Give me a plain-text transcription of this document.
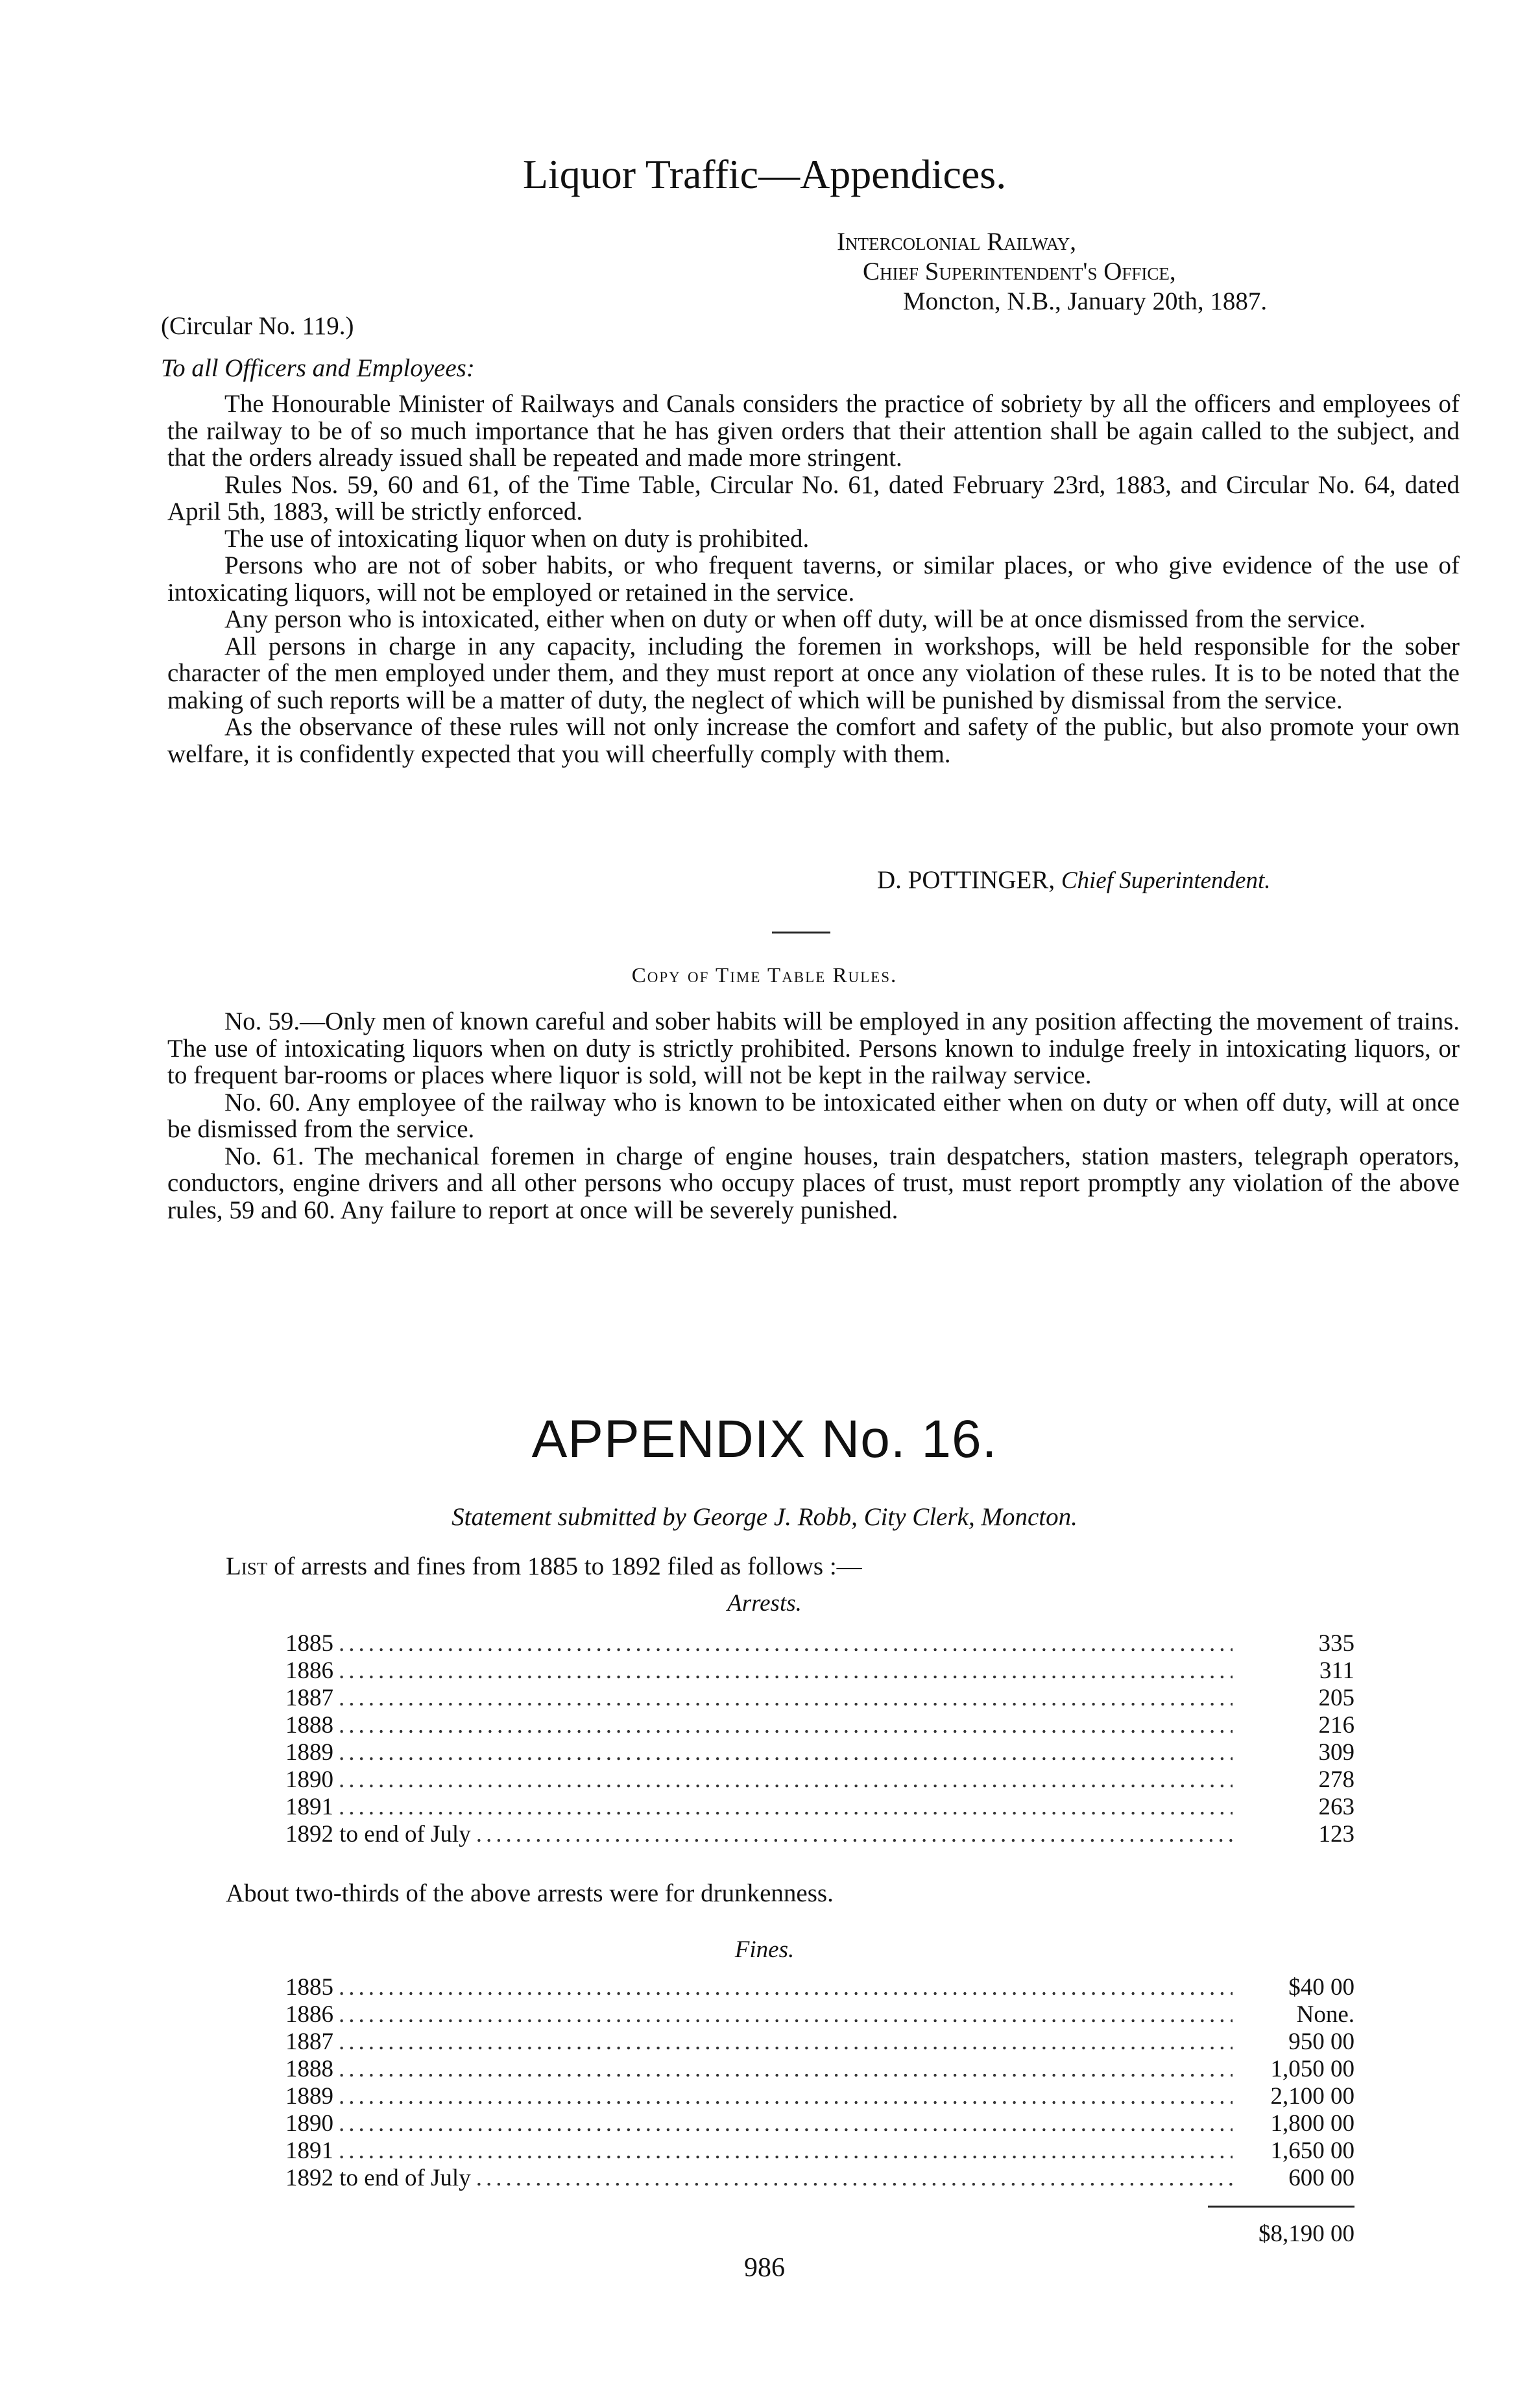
Liquor Traffic—Appendices.
Intercolonial Railway,
Chief Superintendent's Office,
Moncton, N.B., January 20th, 1887.
(Circular No. 119.)
To all Officers and Employees:

The Honourable Minister of Railways and Canals considers the practice of sobriety by all the officers and employees of the railway to be of so much importance that he has given orders that their attention shall be again called to the subject, and that the orders already issued shall be repeated and made more stringent.

Rules Nos. 59, 60 and 61, of the Time Table, Circular No. 61, dated February 23rd, 1883, and Circular No. 64, dated April 5th, 1883, will be strictly enforced.

The use of intoxicating liquor when on duty is prohibited.

Persons who are not of sober habits, or who frequent taverns, or similar places, or who give evidence of the use of intoxicating liquors, will not be employed or retained in the service.

Any person who is intoxicated, either when on duty or when off duty, will be at once dismissed from the service.

All persons in charge in any capacity, including the foremen in workshops, will be held responsible for the sober character of the men employed under them, and they must report at once any violation of these rules. It is to be noted that the making of such reports will be a matter of duty, the neglect of which will be punished by dismissal from the service.

As the observance of these rules will not only increase the comfort and safety of the public, but also promote your own welfare, it is confidently expected that you will cheerfully comply with them.

D. POTTINGER, Chief Superintendent.
Copy of Time Table Rules.

No. 59.—Only men of known careful and sober habits will be employed in any position affecting the movement of trains. The use of intoxicating liquors when on duty is strictly prohibited. Persons known to indulge freely in intoxicating liquors, or to frequent bar-rooms or places where liquor is sold, will not be kept in the railway service.

No. 60. Any employee of the railway who is known to be intoxicated either when on duty or when off duty, will at once be dismissed from the service.

No. 61. The mechanical foremen in charge of engine houses, train despatchers, station masters, telegraph operators, conductors, engine drivers and all other persons who occupy places of trust, must report promptly any violation of the above rules, 59 and 60. Any failure to report at once will be severely punished.

APPENDIX No. 16.
Statement submitted by George J. Robb, City Clerk, Moncton.
List of arrests and fines from 1885 to 1892 filed as follows :—
Arrests.
1885 .....	335
1886 .....	311
1887 .....	205
1888 .....	216
1889 .....	309
1890 .....	278
1891 .....	263
1892 to end of July .....	123
About two-thirds of the above arrests were for drunkenness.
Fines.
1885 .....	$40 00
1886 .....	None.
1887 .....	950 00
1888 .....	1,050 00
1889 .....	2,100 00
1890 .....	1,800 00
1891 .....	1,650 00
1892 to end of July .....	600 00
$8,190 00
986
